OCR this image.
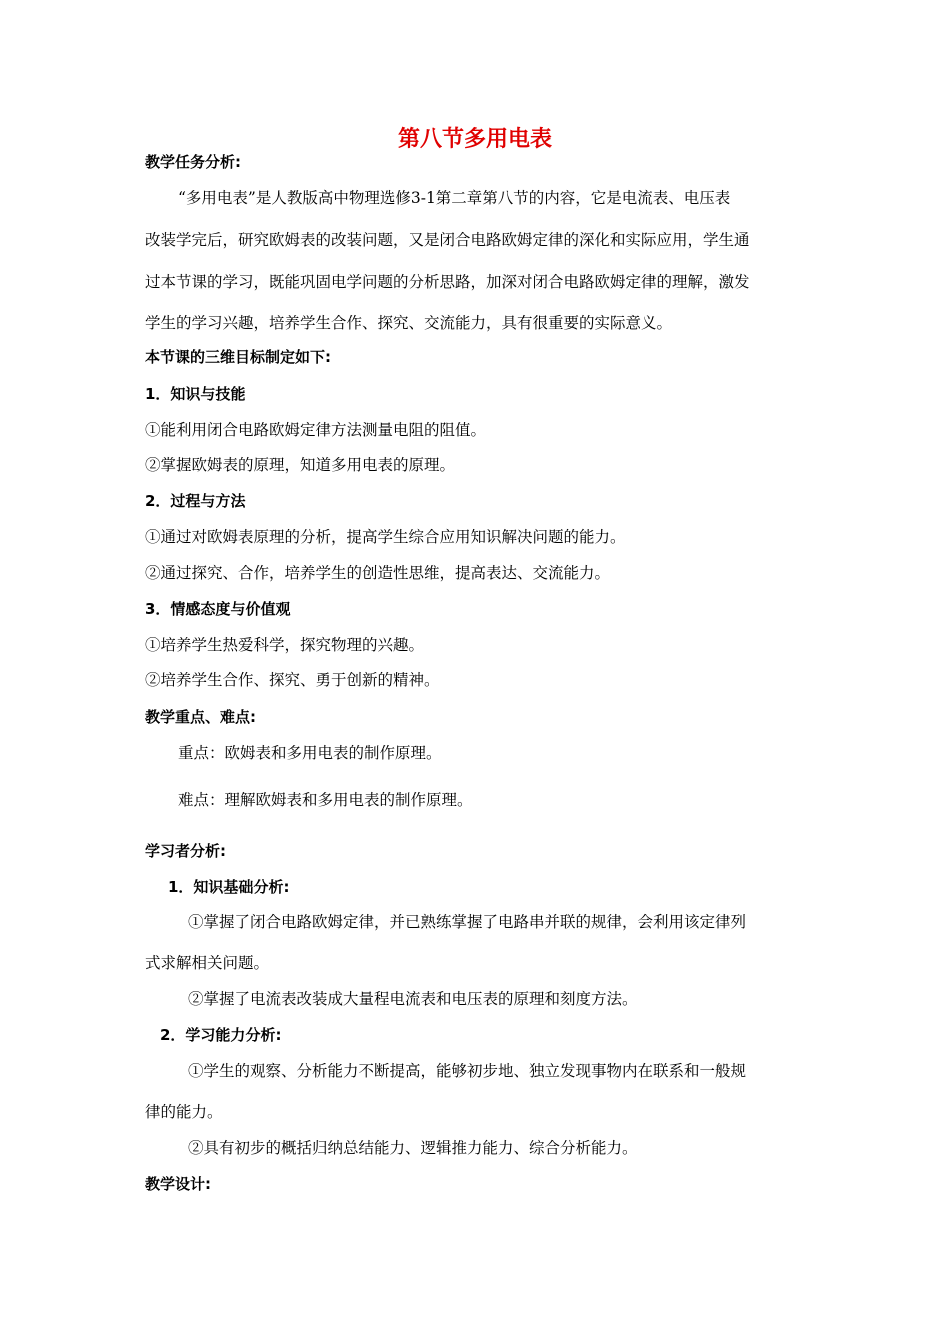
第八节多用电表
教学任务分析:
“多用电表”是人教版高中物理选修3-1第二章第八节的内容，它是电流表、电压表
改装学完后，研究欧姆表的改装问题，又是闭合电路欧姆定律的深化和实际应用，学生通
过本节课的学习，既能巩固电学问题的分析思路，加深对闭合电路欧姆定律的理解，激发
学生的学习兴趣，培养学生合作、探究、交流能力，具有很重要的实际意义。
本节课的三维目标制定如下:
1．知识与技能
①能利用闭合电路欧姆定律方法测量电阻的阻值。
②掌握欧姆表的原理，知道多用电表的原理。
2．过程与方法
①通过对欧姆表原理的分析，提高学生综合应用知识解决问题的能力。
②通过探究、合作，培养学生的创造性思维，提高表达、交流能力。
3．情感态度与价值观
①培养学生热爱科学，探究物理的兴趣。
②培养学生合作、探究、勇于创新的精神。
教学重点、难点:
重点：欧姆表和多用电表的制作原理。
难点：理解欧姆表和多用电表的制作原理。
学习者分析:
1．知识基础分析:
①掌握了闭合电路欧姆定律，并已熟练掌握了电路串并联的规律，会利用该定律列
式求解相关问题。
②掌握了电流表改装成大量程电流表和电压表的原理和刻度方法。
2．学习能力分析:
①学生的观察、分析能力不断提高，能够初步地、独立发现事物内在联系和一般规
律的能力。
②具有初步的概括归纳总结能力、逻辑推力能力、综合分析能力。
教学设计:
